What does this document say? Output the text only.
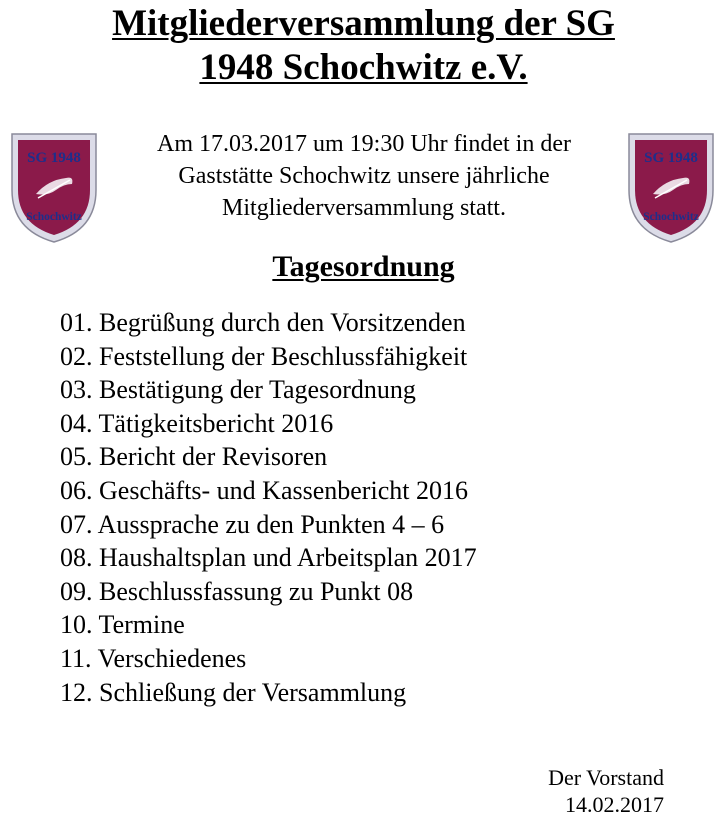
Mitgliederversammlung der SG
1948 Schochwitz e.V.
SG 1948
Schochwitz
Am 17.03.2017 um 19:30 Uhr findet in der
Gaststätte Schochwitz unsere jährliche
Mitgliederversammlung statt.
SG 1948
Schochwitz
Tagesordnung
01. Begrüßung durch den Vorsitzenden
02. Feststellung der Beschlussfähigkeit
03. Bestätigung der Tagesordnung
04. Tätigkeitsbericht 2016
05. Bericht der Revisoren
06. Geschäfts- und Kassenbericht 2016
07. Aussprache zu den Punkten 4 – 6
08. Haushaltsplan und Arbeitsplan 2017
09. Beschlussfassung zu Punkt 08
10. Termine
11. Verschiedenes
12. Schließung der Versammlung
Der Vorstand
14.02.2017
